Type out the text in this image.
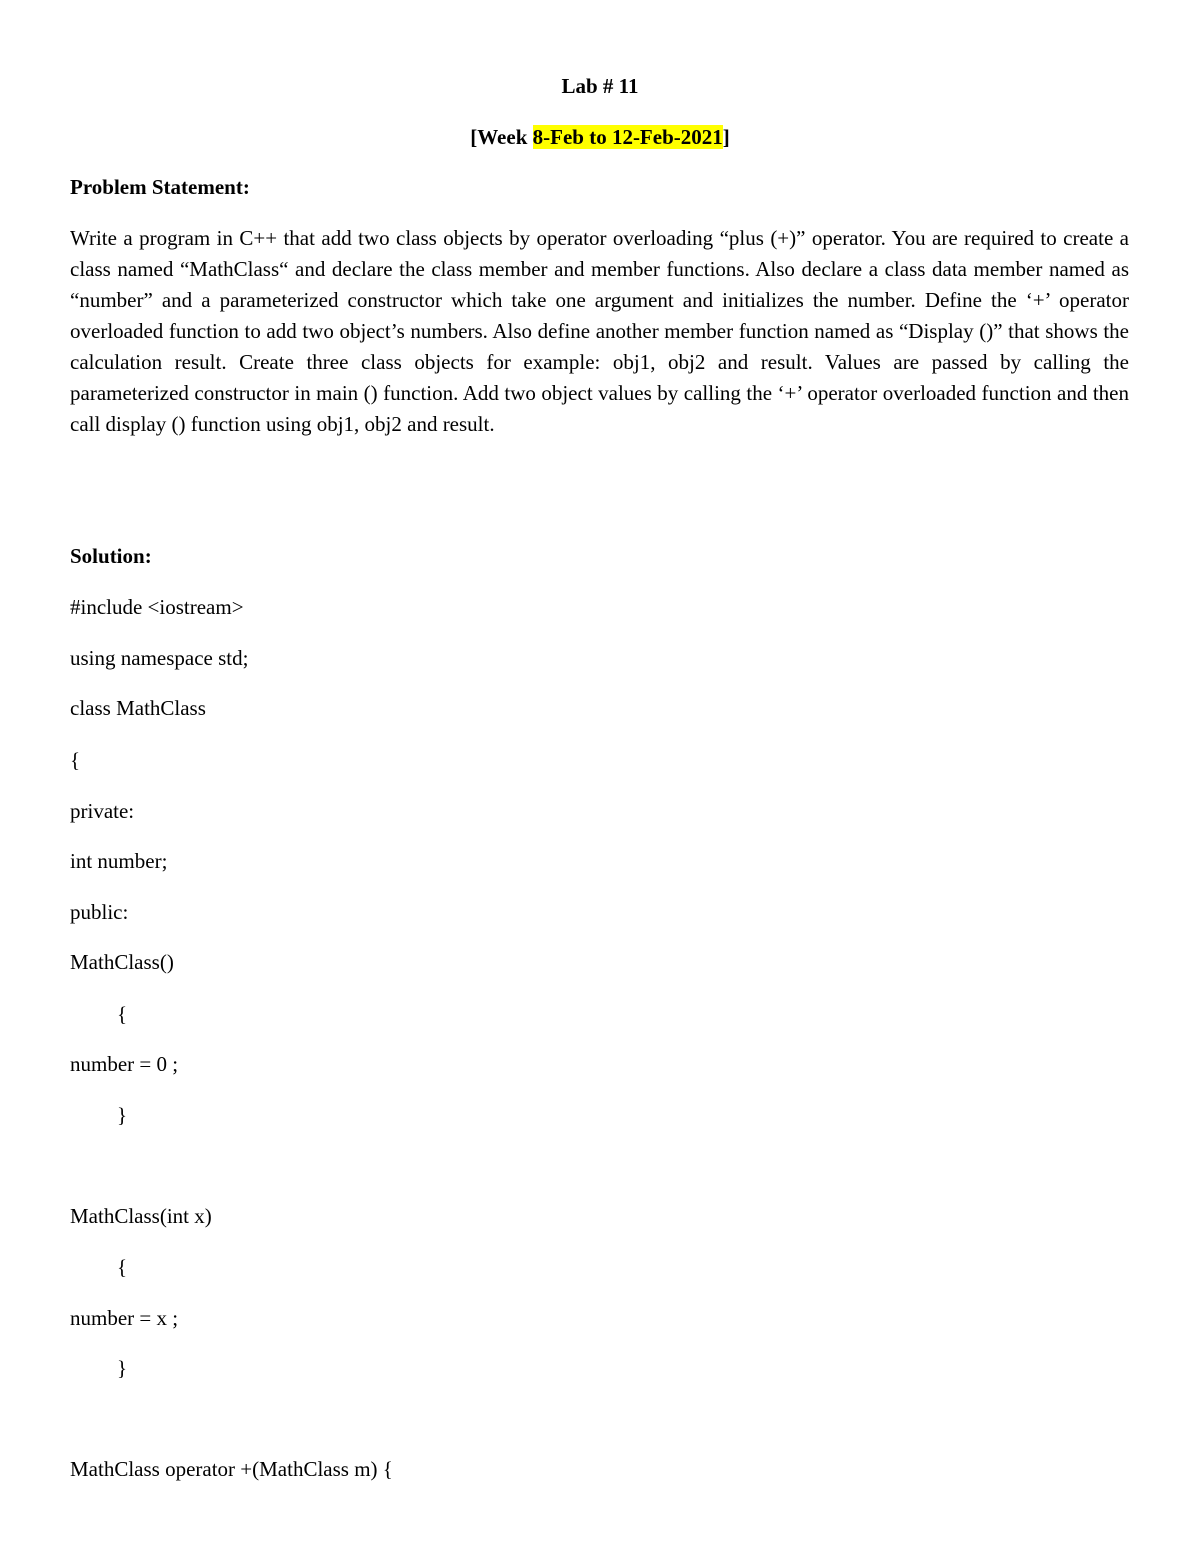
Lab # 11
[Week 8-Feb to 12-Feb-2021]
Problem Statement:

Write a program in C++ that add two class objects by operator overloading “plus (+)” operator. You are required to create a class named “MathClass“ and declare the class member and member functions. Also declare a class data member named as “number” and a parameterized constructor which take one argument and initializes the number. Define the ‘+’ operator overloaded function to add two object’s numbers. Also define another member function named as “Display ()” that shows the calculation result. Create three class objects for example: obj1, obj2 and result. Values are passed by calling the parameterized constructor in main () function. Add two object values by calling the ‘+’ operator overloaded function and then call display () function using obj1, obj2 and result.

Solution:
#include <iostream>
using namespace std;
class MathClass
{
private:
int number;
public:
MathClass()
{
number = 0 ;
}
MathClass(int x)
{
number = x ;
}
MathClass operator +(MathClass m) {
